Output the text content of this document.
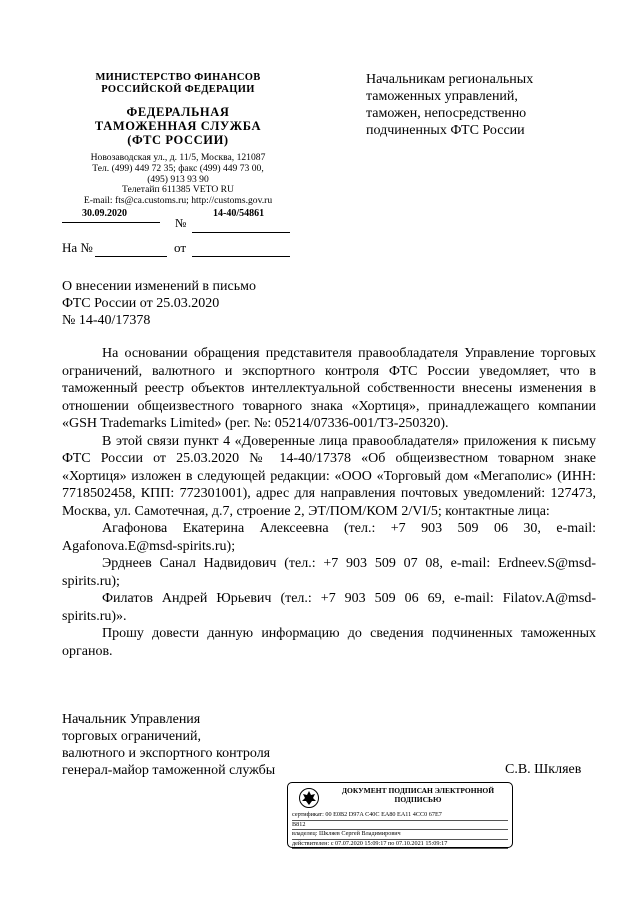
МИНИСТЕРСТВО ФИНАНСОВ
РОССИЙСКОЙ ФЕДЕРАЦИИ
ФЕДЕРАЛЬНАЯ
ТАМОЖЕННАЯ СЛУЖБА
(ФТС РОССИИ)
Новозаводская ул., д. 11/5, Москва, 121087
Тел. (499) 449 72 35; факс (499) 449 73 00,
(495) 913 93 90
Телетайп 611385 VETO RU
E-mail: fts@ca.customs.ru; http://customs.gov.ru
30.09.2020
№
14-40/54861
На №	от
Начальникам региональных
таможенных управлений,
таможен, непосредственно
подчиненных ФТС России
О внесении изменений в письмо
ФТС России от 25.03.2020
№ 14-40/17378

На основании обращения представителя правообладателя Управление торговых ограничений, валютного и экспортного контроля ФТС России уведомляет, что в таможенный реестр объектов интеллектуальной собственности внесены изменения в отношении общеизвестного товарного знака «Хортиця», принадлежащего компании «GSH Trademarks Limited» (рег. №: 05214/07336-001/ТЗ-250320).

В этой связи пункт 4 «Доверенные лица правообладателя» приложения к письму ФТС России от 25.03.2020 № 14-40/17378 «Об общеизвестном товарном знаке «Хортиця» изложен в следующей редакции: «ООО «Торговый дом «Мегаполис» (ИНН: 7718502458, КПП: 772301001), адрес для направления почтовых уведомлений: 127473, Москва, ул. Самотечная, д.7, строение 2, ЭТ/ПОМ/КОМ 2/VI/5; контактные лица:

Агафонова Екатерина Алексеевна (тел.: +7 903 509 06 30, e-mail: Agafonova.E@msd-spirits.ru);

Эрднеев Санал Надвидович (тел.: +7 903 509 07 08, e-mail: Erdneev.S@msd-spirits.ru);

Филатов Андрей Юрьевич (тел.: +7 903 509 06 69, e-mail: Filatov.A@msd-spirits.ru)».

Прошу довести данную информацию до сведения подчиненных таможенных органов.

Начальник Управления
торговых ограничений,
валютного и экспортного контроля
генерал-майор таможенной службы	С.В. Шкляев
ДОКУМЕНТ ПОДПИСАН ЭЛЕКТРОННОЙ
ПОДПИСЬЮ
сертификат: 00 E0B2 D97A C40C EA80 EA11 4CC0 67E7
B812
владелец: Шкляев Сергей Владимирович
действителен: с 07.07.2020 15:09:17 по 07.10.2021 15:09:17
